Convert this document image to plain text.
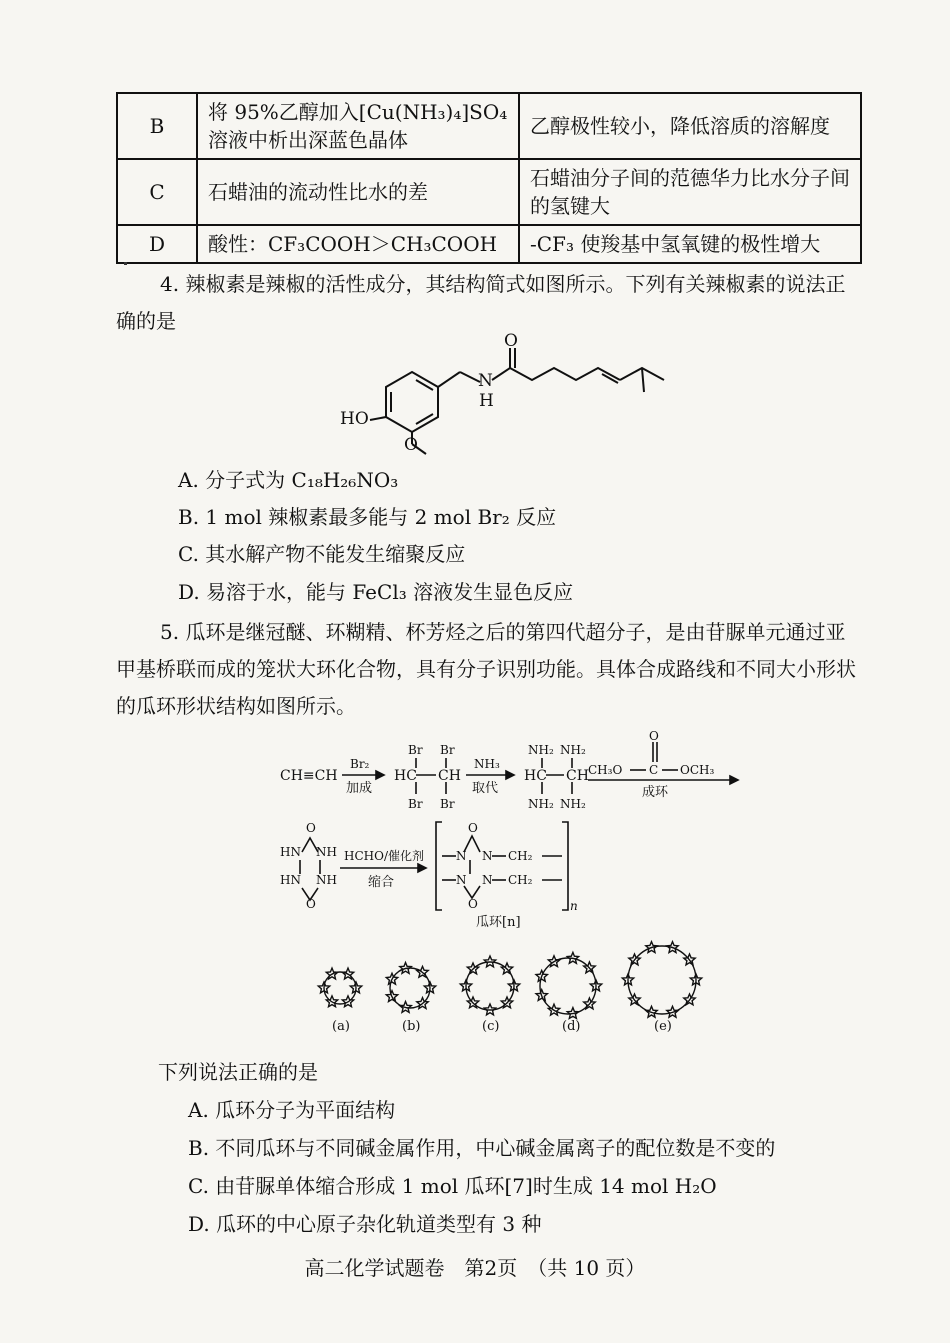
B	将 95%乙醇加入[Cu(NH₃)₄]SO₄溶液中析出深蓝色晶体	乙醇极性较小，降低溶质的溶解度
C	石蜡油的流动性比水的差	石蜡油分子间的范德华力比水分子间的氢键大
D	酸性：CF₃COOH＞CH₃COOH	-CF₃ 使羧基中氢氧键的极性增大
4. 辣椒素是辣椒的活性成分，其结构简式如图所示。下列有关辣椒素的说法正确的是
O
N
H
HO
O
A. 分子式为 C₁₈H₂₆NO₃
B. 1 mol 辣椒素最多能与 2 mol Br₂ 反应
C. 其水解产物不能发生缩聚反应
D. 易溶于水，能与 FeCl₃ 溶液发生显色反应
5. 瓜环是继冠醚、环糊精、杯芳烃之后的第四代超分子，是由苷脲单元通过亚甲基桥联而成的笼状大环化合物，具有分子识别功能。具体合成路线和不同大小形状的瓜环形状结构如图所示。
CH≡CH
Br₂
加成
Br Br
HC CH
Br Br
NH₃
取代
NH₂ NH₂
HC CH
NH₂ NH₂
CH₃O C
O
OCH₃
成环
O
HN NH
HN NH
O
HCHO/催化剂
缩合
N N
N N
O
O
CH₂
CH₂
n
瓜环[n]
(a)	(b)	(c)	(d)	(e)
下列说法正确的是
A. 瓜环分子为平面结构
B. 不同瓜环与不同碱金属作用，中心碱金属离子的配位数是不变的
C. 由苷脲单体缩合形成 1 mol 瓜环[7]时生成 14 mol H₂O
D. 瓜环的中心原子杂化轨道类型有 3 种
高二化学试题卷　第2页　（共 10 页）
